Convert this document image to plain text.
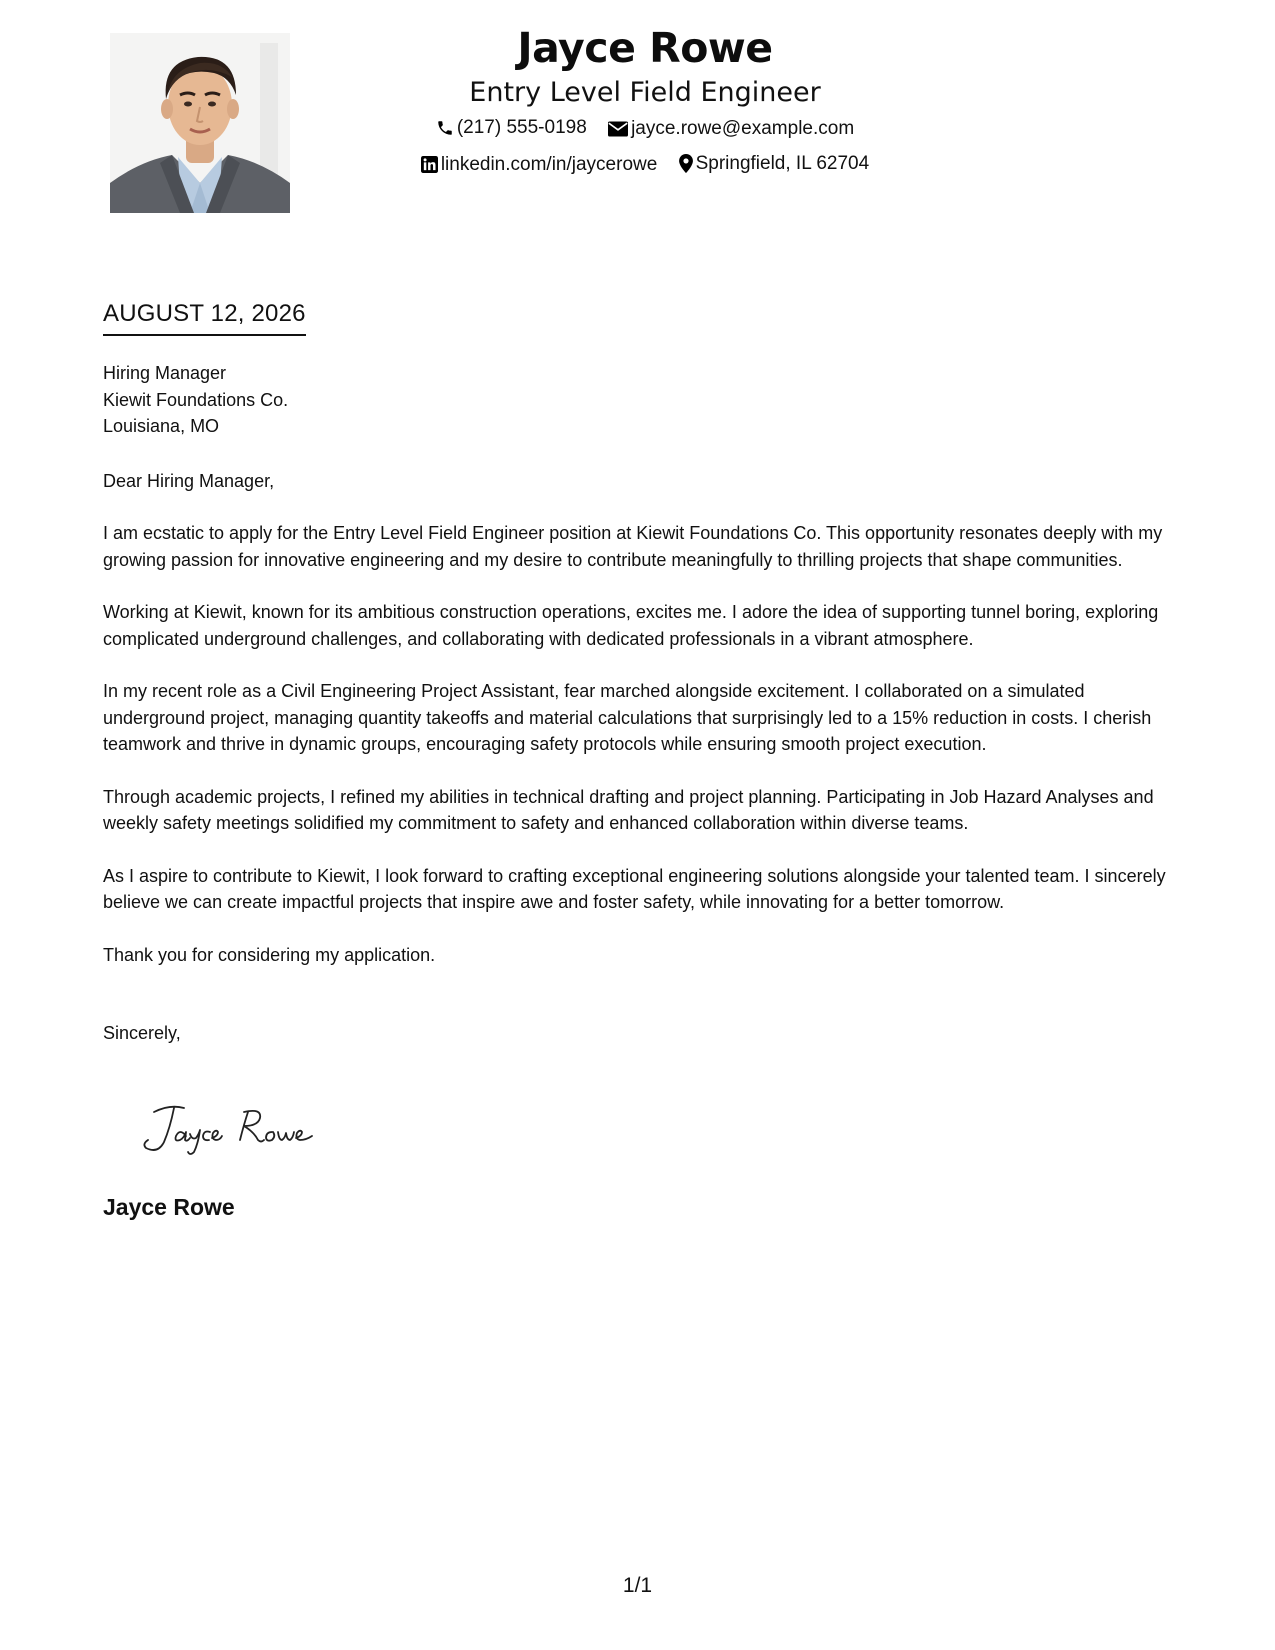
Jayce Rowe
Entry Level Field Engineer
(217) 555-0198
jayce.rowe@example.com
linkedin.com/in/jaycerowe
Springfield, IL 62704
AUGUST 12, 2026
Hiring Manager
Kiewit Foundations Co.
Louisiana, MO
Dear Hiring Manager,
I am ecstatic to apply for the Entry Level Field Engineer position at Kiewit Foundations Co. This opportunity resonates deeply with my growing passion for innovative engineering and my desire to contribute meaningfully to thrilling projects that shape communities.
Working at Kiewit, known for its ambitious construction operations, excites me. I adore the idea of supporting tunnel boring, exploring complicated underground challenges, and collaborating with dedicated professionals in a vibrant atmosphere.
In my recent role as a Civil Engineering Project Assistant, fear marched alongside excitement. I collaborated on a simulated underground project, managing quantity takeoffs and material calculations that surprisingly led to a 15% reduction in costs. I cherish teamwork and thrive in dynamic groups, encouraging safety protocols while ensuring smooth project execution.
Through academic projects, I refined my abilities in technical drafting and project planning. Participating in Job Hazard Analyses and weekly safety meetings solidified my commitment to safety and enhanced collaboration within diverse teams.
As I aspire to contribute to Kiewit, I look forward to crafting exceptional engineering solutions alongside your talented team. I sincerely believe we can create impactful projects that inspire awe and foster safety, while innovating for a better tomorrow.
Thank you for considering my application.
Sincerely,
Jayce Rowe
1/1
